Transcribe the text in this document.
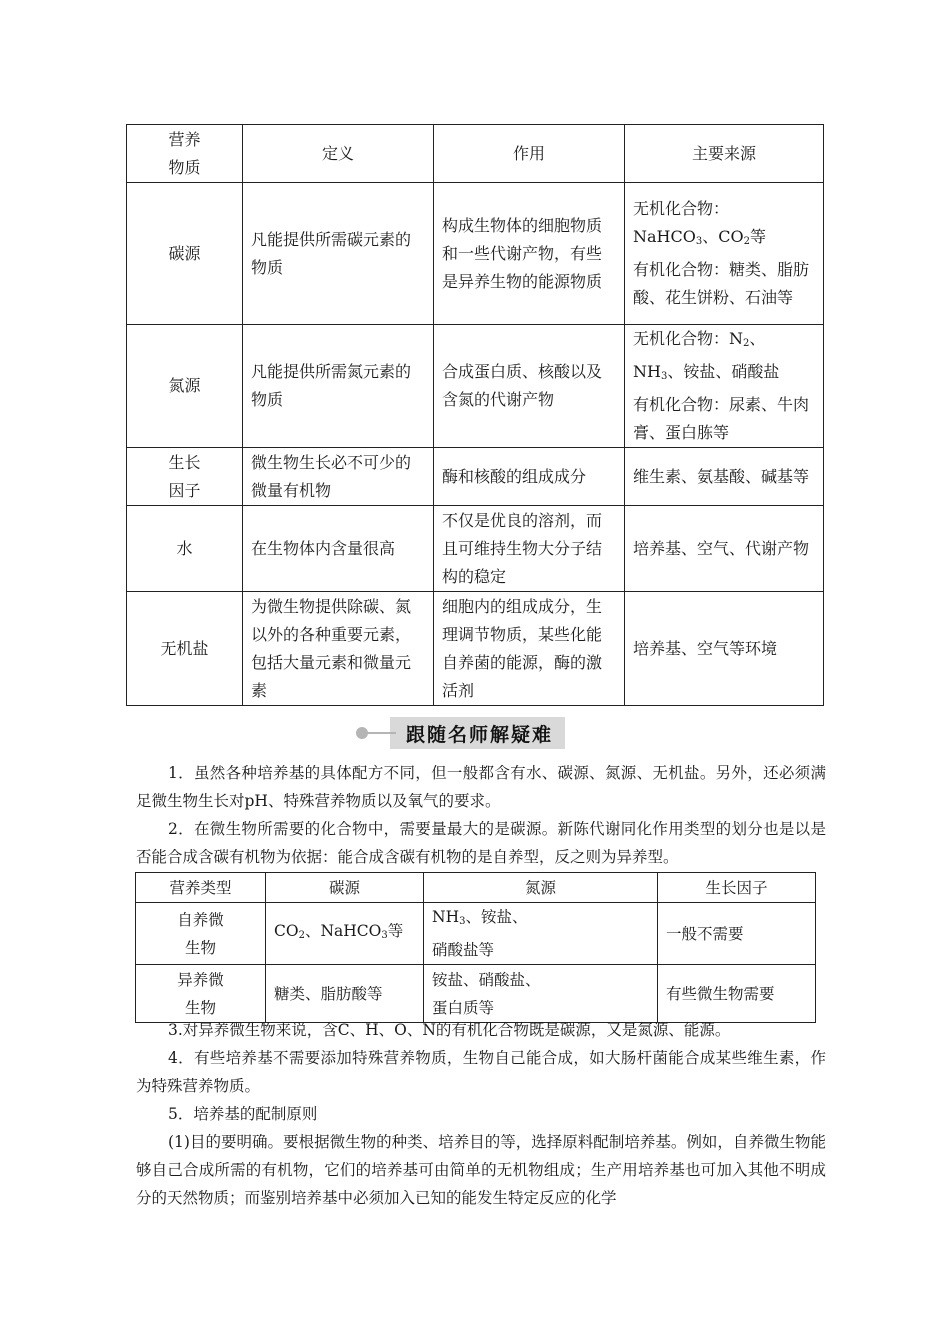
营养
物质	定义	作用	主要来源
碳源	凡能提供所需碳元素的物质	构成生物体的细胞物质和一些代谢产物，有些是异养生物的能源物质	无机化合物：
NaHCO$_3$、$CO_2$等
有机化合物：糖类、脂肪酸、花生饼粉、石油等
氮源	凡能提供所需氮元素的物质	合成蛋白质、核酸以及含氮的代谢产物	无机化合物：$N_2$、$NH_3$、铵盐、硝酸盐
有机化合物：尿素、牛肉膏、蛋白胨等
生长
因子	微生物生长必不可少的微量有机物	酶和核酸的组成成分	维生素、氨基酸、碱基等
水	在生物体内含量很高	不仅是优良的溶剂，而且可维持生物大分子结构的稳定	培养基、空气、代谢产物
无机盐	为微生物提供除碳、氮以外的各种重要元素，包括大量元素和微量元素	细胞内的组成成分，生理调节物质，某些化能自养菌的能源，酶的激活剂	培养基、空气等环境
跟随名师解疑难

1．虽然各种培养基的具体配方不同，但一般都含有水、碳源、氮源、无机盐。另外，还必须满足微生物生长对pH、特殊营养物质以及氧气的要求。

2．在微生物所需要的化合物中，需要量最大的是碳源。新陈代谢同化作用类型的划分也是以是否能合成含碳有机物为依据：能合成含碳有机物的是自养型，反之则为异养型。

营养类型	碳源	氮源	生长因子
自养微
生物	$CO_2$、NaHCO$_3$等	$NH_3$、铵盐、
硝酸盐等	一般不需要
异养微
生物	糖类、脂肪酸等	铵盐、硝酸盐、
蛋白质等	有些微生物需要

3.对异养微生物来说，含C、H、O、N的有机化合物既是碳源，又是氮源、能源。

4．有些培养基不需要添加特殊营养物质，生物自己能合成，如大肠杆菌能合成某些维生素，作为特殊营养物质。

5．培养基的配制原则

(1)目的要明确。要根据微生物的种类、培养目的等，选择原料配制培养基。例如，自养微生物能够自己合成所需的有机物，它们的培养基可由简单的无机物组成；生产用培养基也可加入其他不明成分的天然物质；而鉴别培养基中必须加入已知的能发生特定反应的化学
